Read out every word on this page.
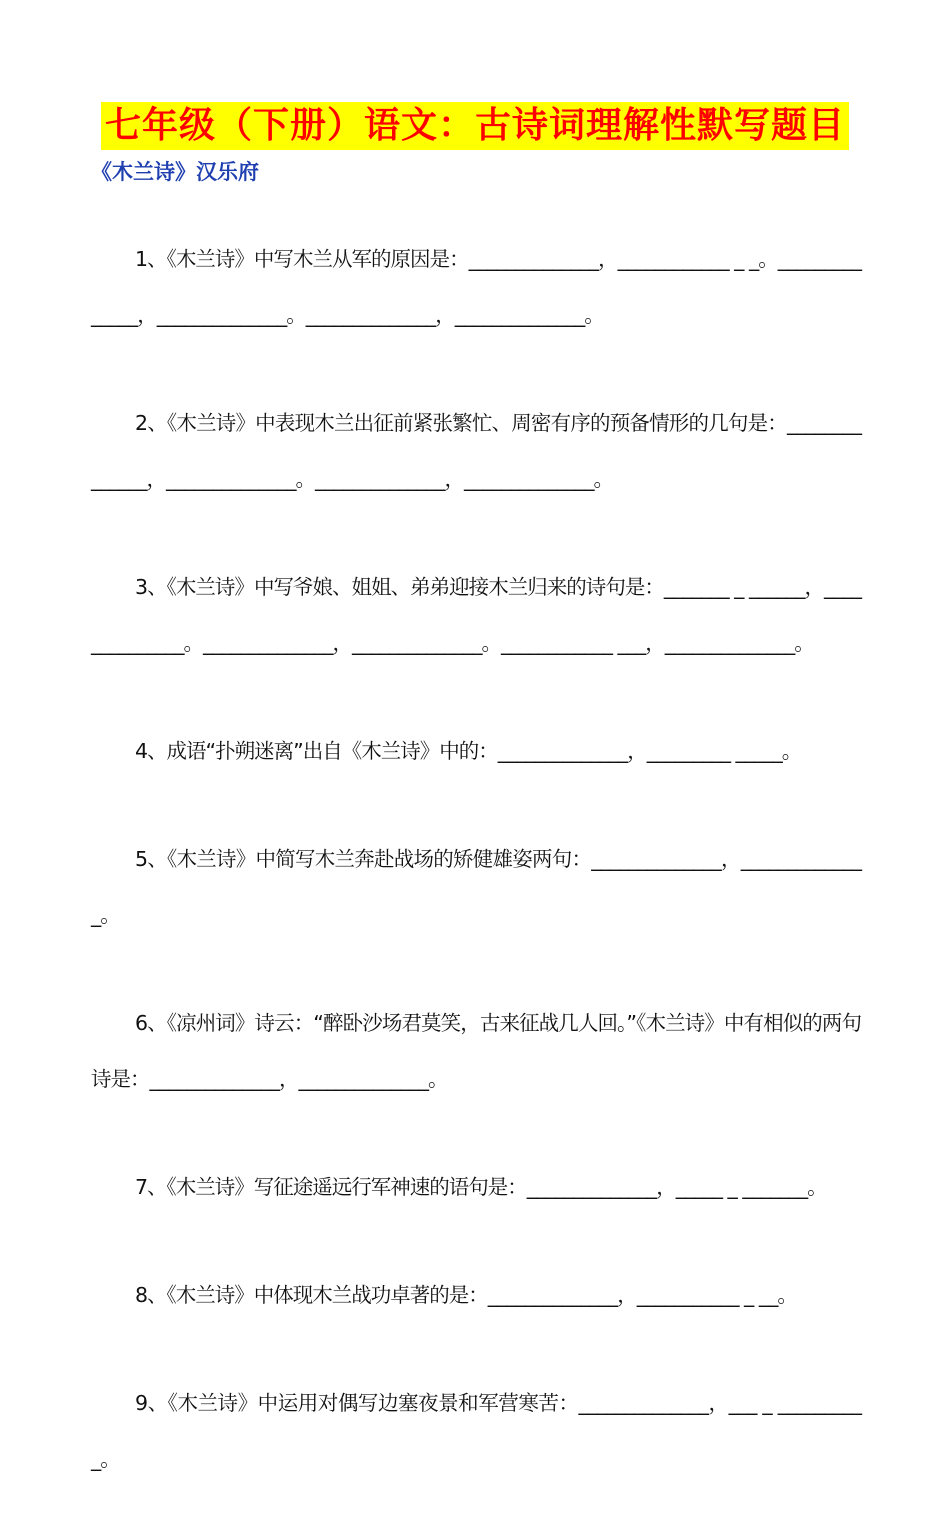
七年级（下册）语文：古诗词理解性默写题目
《木兰诗》汉乐府

1、《木兰诗》中写木兰从军的原因是：______________，____________ _ _。______________，______________。______________，______________。

2、《木兰诗》中表现木兰出征前紧张繁忙、周密有序的预备情形的几句是：______________，______________。______________，______________。

3、《木兰诗》中写爷娘、姐姐、弟弟迎接木兰归来的诗句是：_______ _ ______，______________。______________，______________。____________ ___，______________。

4、成语“扑朔迷离”出自《木兰诗》中的：______________，_________ _____。

5、《木兰诗》中简写木兰奔赴战场的矫健雄姿两句：______________，______________。

6、《凉州词》诗云：“醉卧沙场君莫笑，古来征战几人回。”《木兰诗》中有相似的两句诗是：______________，______________。

7、《木兰诗》写征途遥远行军神速的语句是：______________，_____ _ _______。

8、《木兰诗》中体现木兰战功卓著的是：______________，___________ _ __。

9、《木兰诗》中运用对偶写边塞夜景和军营寒苦：______________，___ _ __________。
